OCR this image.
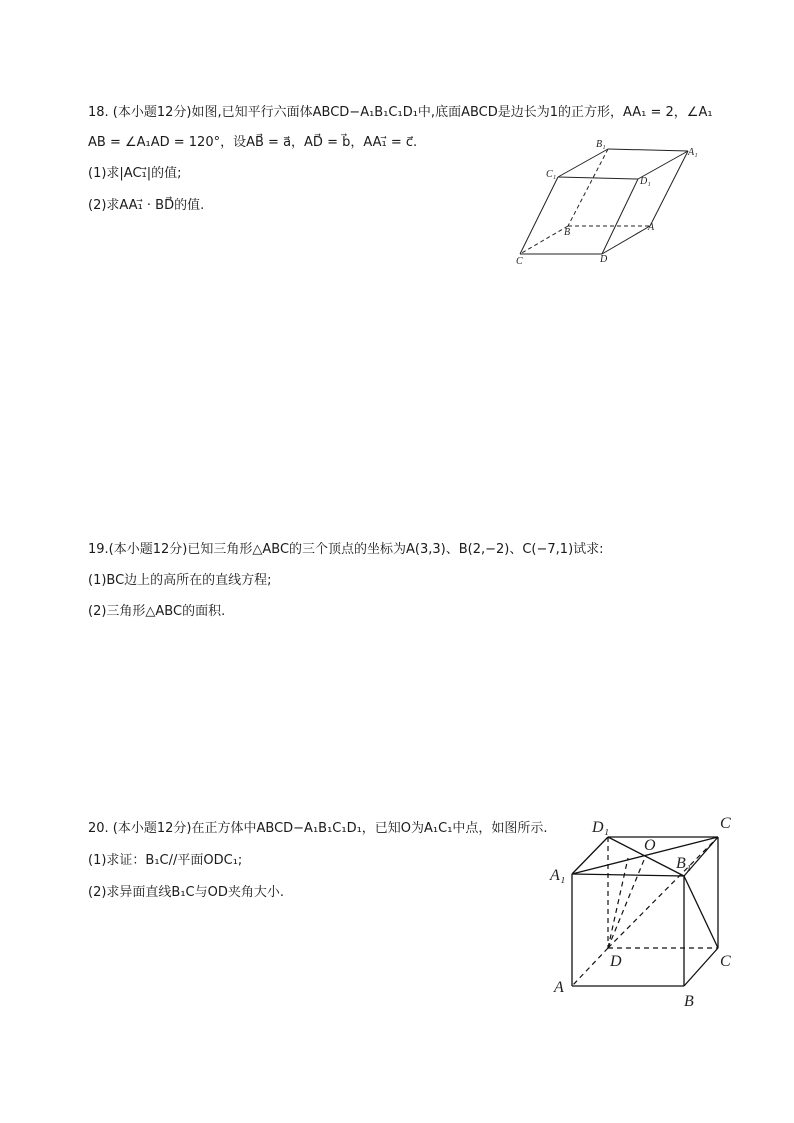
18. (本小题12分)如图,已知平行六面体ABCD−A₁B₁C₁D₁中,底面ABCD是边长为1的正方形，AA₁ = 2，∠A₁
AB = ∠A₁AD = 120°，设AB⃗ = a⃗，AD⃗ = b⃗，AA₁⃗ = c⃗.
(1)求|AC₁⃗|的值;
(2)求AA₁⃗ · BD⃗的值.
B₁
A₁
C₁
D₁
B	A
C	D
19.(本小题12分)已知三角形△ABC的三个顶点的坐标为A(3,3)、B(2,−2)、C(−7,1)试求:
(1)BC边上的高所在的直线方程;
(2)三角形△ABC的面积.
20. (本小题12分)在正方体中ABCD−A₁B₁C₁D₁，已知O为A₁C₁中点，如图所示.
(1)求证：B₁C//平面ODC₁;
(2)求异面直线B₁C与OD夹角大小.
D₁
O
C
A₁
B₁
D	C
A
B
